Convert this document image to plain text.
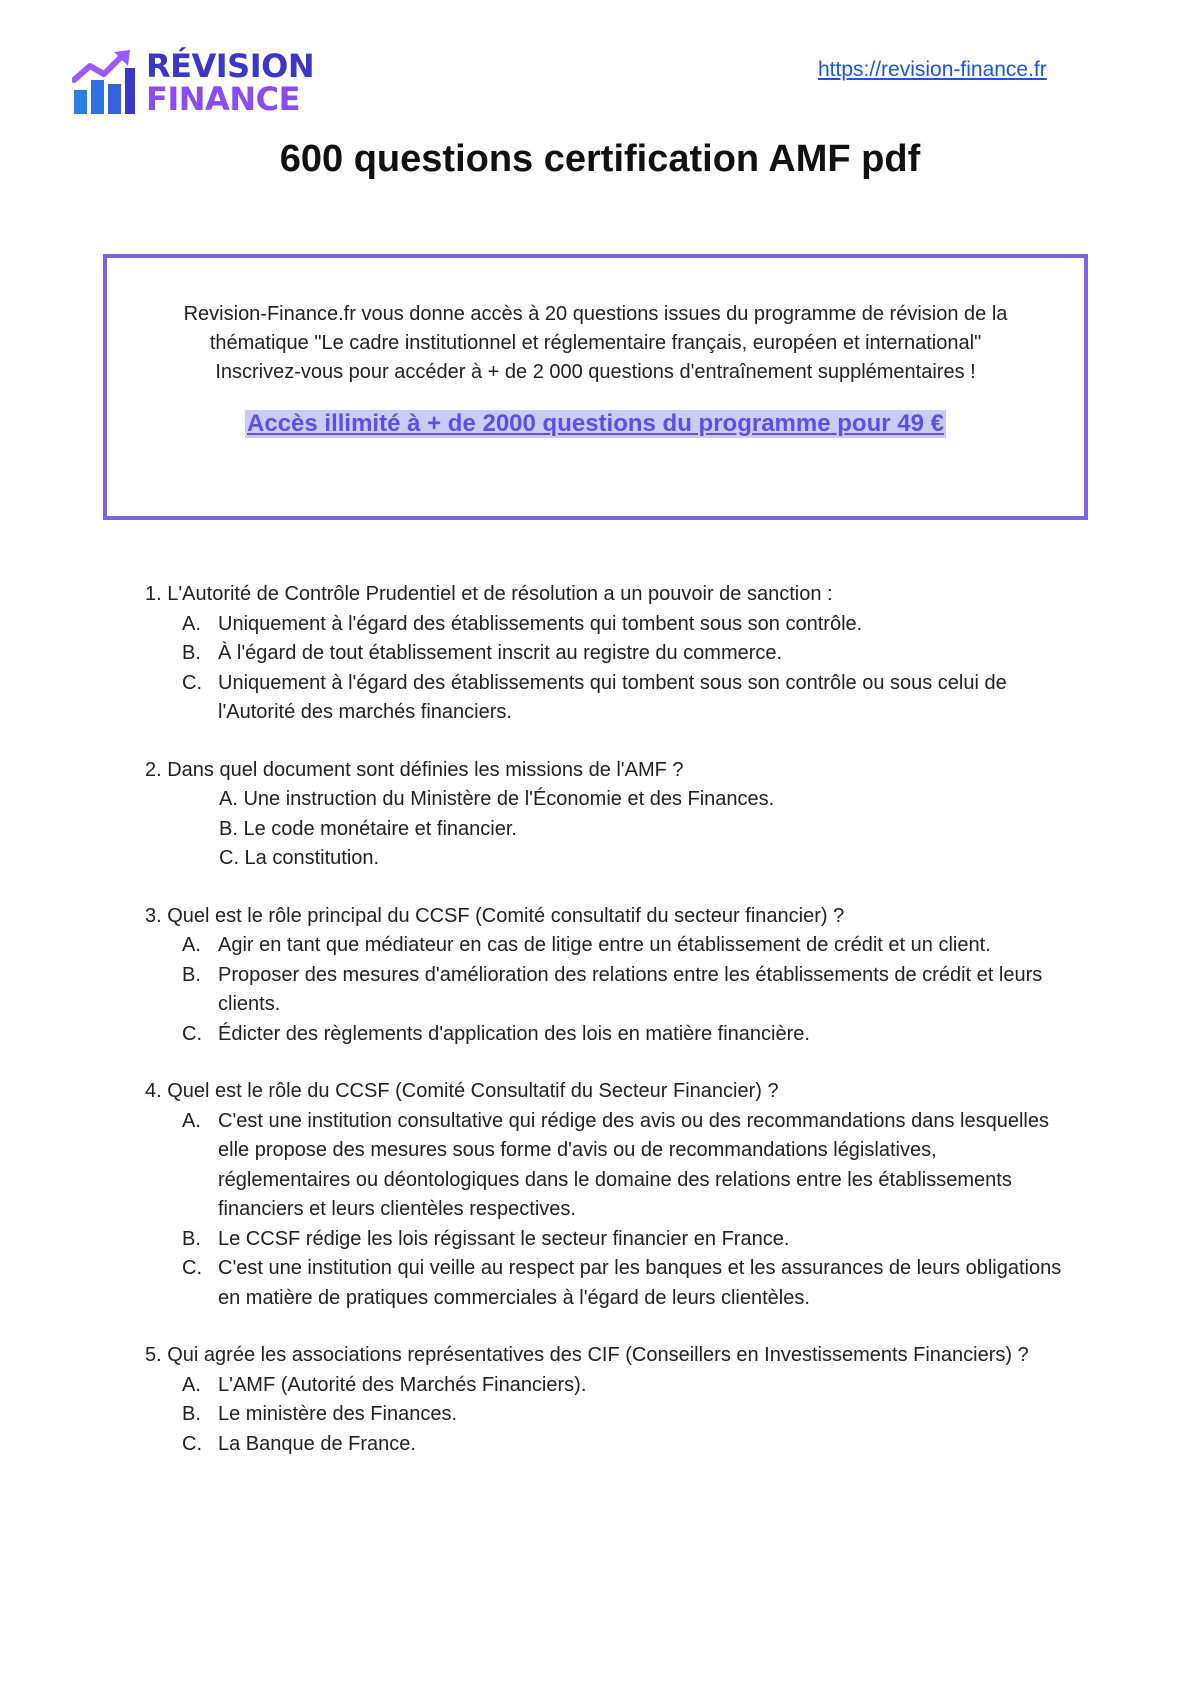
RÉVISION
FINANCE
https://revision-finance.fr
600 questions certification AMF pdf

Revision-Finance.fr vous donne accès à 20 questions issues du programme de révision de la thématique "Le cadre institutionnel et réglementaire français, européen et international"

Inscrivez-vous pour accéder à + de 2 000 questions d'entraînement supplémentaires !

Accès illimité à + de 2000 questions du programme pour 49 €

1. L'Autorité de Contrôle Prudentiel et de résolution a un pouvoir de sanction :

A. Uniquement à l'égard des établissements qui tombent sous son contrôle.
B. À l'égard de tout établissement inscrit au registre du commerce.
C. Uniquement à l'égard des établissements qui tombent sous son contrôle ou sous celui de l'Autorité des marchés financiers.

2. Dans quel document sont définies les missions de l'AMF ?

A. Une instruction du Ministère de l'Économie et des Finances.

B. Le code monétaire et financier.

C. La constitution.

3. Quel est le rôle principal du CCSF (Comité consultatif du secteur financier) ?

A. Agir en tant que médiateur en cas de litige entre un établissement de crédit et un client.
B. Proposer des mesures d'amélioration des relations entre les établissements de crédit et leurs clients.
C. Édicter des règlements d'application des lois en matière financière.

4. Quel est le rôle du CCSF (Comité Consultatif du Secteur Financier) ?

A. C'est une institution consultative qui rédige des avis ou des recommandations dans lesquelles elle propose des mesures sous forme d'avis ou de recommandations législatives, réglementaires ou déontologiques dans le domaine des relations entre les établissements financiers et leurs clientèles respectives.
B. Le CCSF rédige les lois régissant le secteur financier en France.
C. C'est une institution qui veille au respect par les banques et les assurances de leurs obligations en matière de pratiques commerciales à l'égard de leurs clientèles.

5. Qui agrée les associations représentatives des CIF (Conseillers en Investissements Financiers) ?

A. L'AMF (Autorité des Marchés Financiers).
B. Le ministère des Finances.
C. La Banque de France.
